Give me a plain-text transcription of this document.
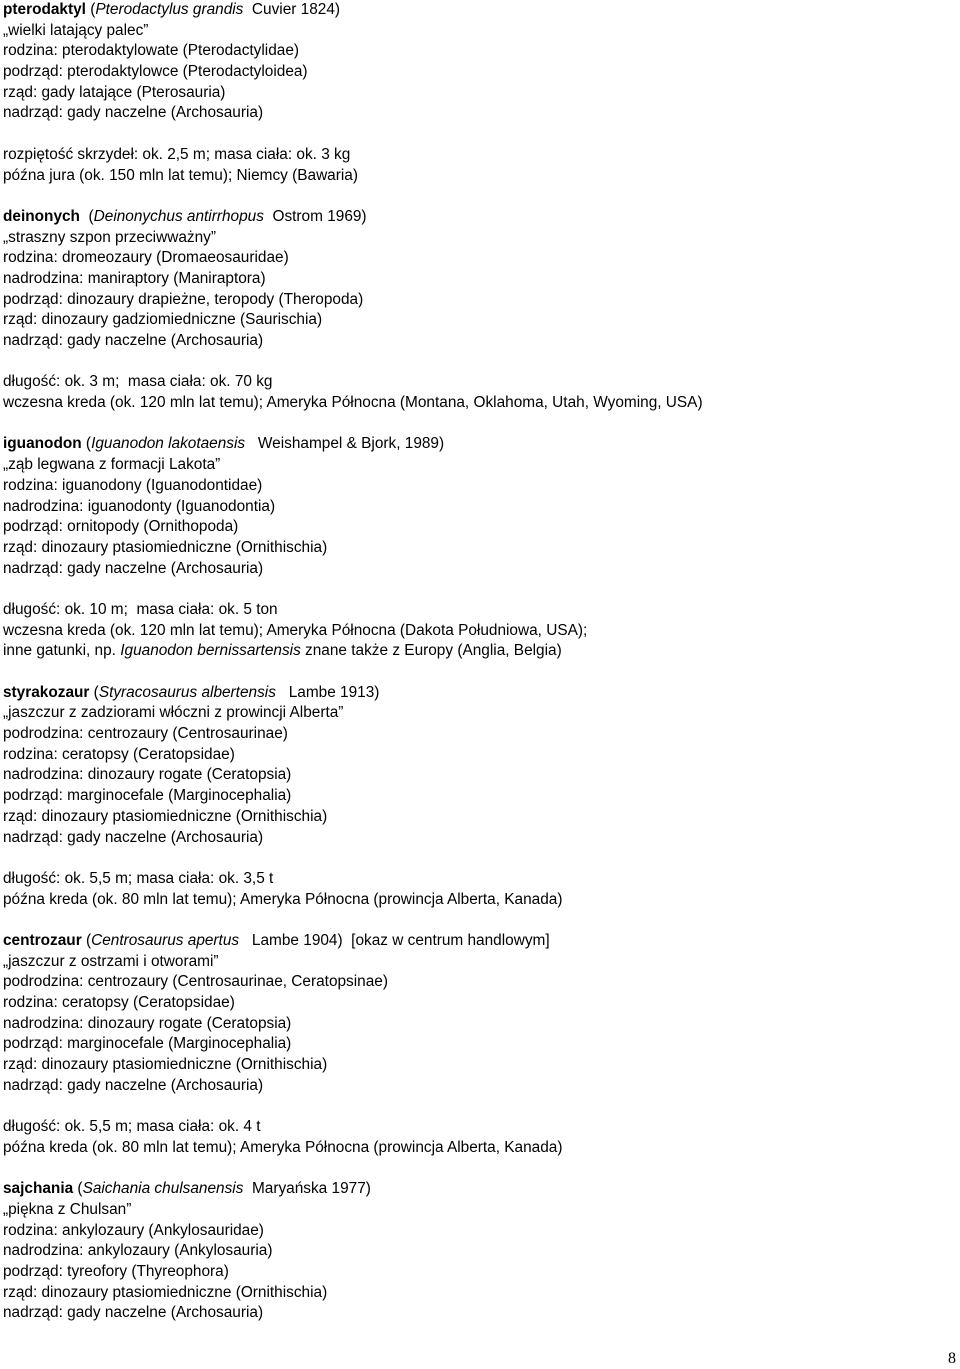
pterodaktyl (Pterodactylus grandis  Cuvier 1824)
„wielki latający palec”
rodzina: pterodaktylowate (Pterodactylidae)
podrząd: pterodaktylowce (Pterodactyloidea)
rząd: gady latające (Pterosauria)
nadrząd: gady naczelne (Archosauria)
rozpiętość skrzydeł: ok. 2,5 m; masa ciała: ok. 3 kg
późna jura (ok. 150 mln lat temu); Niemcy (Bawaria)
deinonych  (Deinonychus antirrhopus  Ostrom 1969)
„straszny szpon przeciwważny”
rodzina: dromeozaury (Dromaeosauridae)
nadrodzina: maniraptory (Maniraptora)
podrząd: dinozaury drapieżne, teropody (Theropoda)
rząd: dinozaury gadziomiedniczne (Saurischia)
nadrząd: gady naczelne (Archosauria)
długość: ok. 3 m;  masa ciała: ok. 70 kg
wczesna kreda (ok. 120 mln lat temu); Ameryka Północna (Montana, Oklahoma, Utah, Wyoming, USA)
iguanodon (Iguanodon lakotaensis   Weishampel & Bjork, 1989)
„ząb legwana z formacji Lakota”
rodzina: iguanodony (Iguanodontidae)
nadrodzina: iguanodonty (Iguanodontia)
podrząd: ornitopody (Ornithopoda)
rząd: dinozaury ptasiomiedniczne (Ornithischia)
nadrząd: gady naczelne (Archosauria)
długość: ok. 10 m;  masa ciała: ok. 5 ton
wczesna kreda (ok. 120 mln lat temu); Ameryka Północna (Dakota Południowa, USA);
inne gatunki, np. Iguanodon bernissartensis znane także z Europy (Anglia, Belgia)
styrakozaur (Styracosaurus albertensis   Lambe 1913)
„jaszczur z zadziorami włóczni z prowincji Alberta”
podrodzina: centrozaury (Centrosaurinae)
rodzina: ceratopsy (Ceratopsidae)
nadrodzina: dinozaury rogate (Ceratopsia)
podrząd: marginocefale (Marginocephalia)
rząd: dinozaury ptasiomiedniczne (Ornithischia)
nadrząd: gady naczelne (Archosauria)
długość: ok. 5,5 m; masa ciała: ok. 3,5 t
późna kreda (ok. 80 mln lat temu); Ameryka Północna (prowincja Alberta, Kanada)
centrozaur (Centrosaurus apertus   Lambe 1904)  [okaz w centrum handlowym]
„jaszczur z ostrzami i otworami”
podrodzina: centrozaury (Centrosaurinae, Ceratopsinae)
rodzina: ceratopsy (Ceratopsidae)
nadrodzina: dinozaury rogate (Ceratopsia)
podrząd: marginocefale (Marginocephalia)
rząd: dinozaury ptasiomiedniczne (Ornithischia)
nadrząd: gady naczelne (Archosauria)
długość: ok. 5,5 m; masa ciała: ok. 4 t
późna kreda (ok. 80 mln lat temu); Ameryka Północna (prowincja Alberta, Kanada)
sajchania (Saichania chulsanensis  Maryańska 1977)
„piękna z Chulsan”
rodzina: ankylozaury (Ankylosauridae)
nadrodzina: ankylozaury (Ankylosauria)
podrząd: tyreofory (Thyreophora)
rząd: dinozaury ptasiomiedniczne (Ornithischia)
nadrząd: gady naczelne (Archosauria)
8
